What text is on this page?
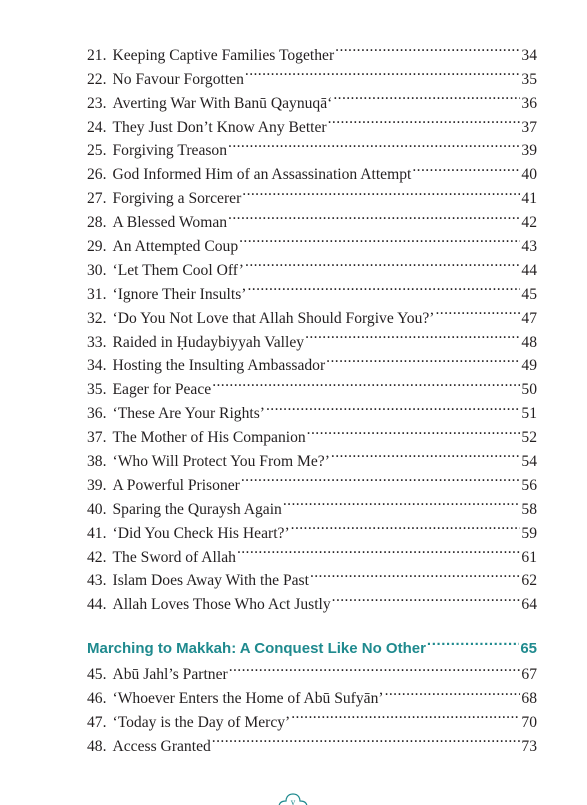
21. Keeping Captive Families Together .....	34
22. No Favour Forgotten .....	35
23. Averting War With Banū Qaynuqā‘ .....	36
24. They Just Don’t Know Any Better .....	37
25. Forgiving Treason .....	39
26. God Informed Him of an Assassination Attempt .....	40
27. Forgiving a Sorcerer .....	41
28. A Blessed Woman .....	42
29. An Attempted Coup .....	43
30. ‘Let Them Cool Off’ .....	44
31. ‘Ignore Their Insults’ .....	45
32. ‘Do You Not Love that Allah Should Forgive You?’ .....	47
33. Raided in Ḥudaybiyyah Valley .....	48
34. Hosting the Insulting Ambassador .....	49
35. Eager for Peace .....	50
36. ‘These Are Your Rights’ .....	51
37. The Mother of His Companion .....	52
38. ‘Who Will Protect You From Me?’ .....	54
39. A Powerful Prisoner .....	56
40. Sparing the Quraysh Again .....	58
41. ‘Did You Check His Heart?’ .....	59
42. The Sword of Allah .....	61
43. Islam Does Away With the Past .....	62
44. Allah Loves Those Who Act Justly .....	64
Marching to Makkah: A Conquest Like No Other .....	65
45. Abū Jahl’s Partner .....	67
46. ‘Whoever Enters the Home of Abū Sufyān’ .....	68
47. ‘Today is the Day of Mercy’ .....	70
48. Access Granted .....	73
v
